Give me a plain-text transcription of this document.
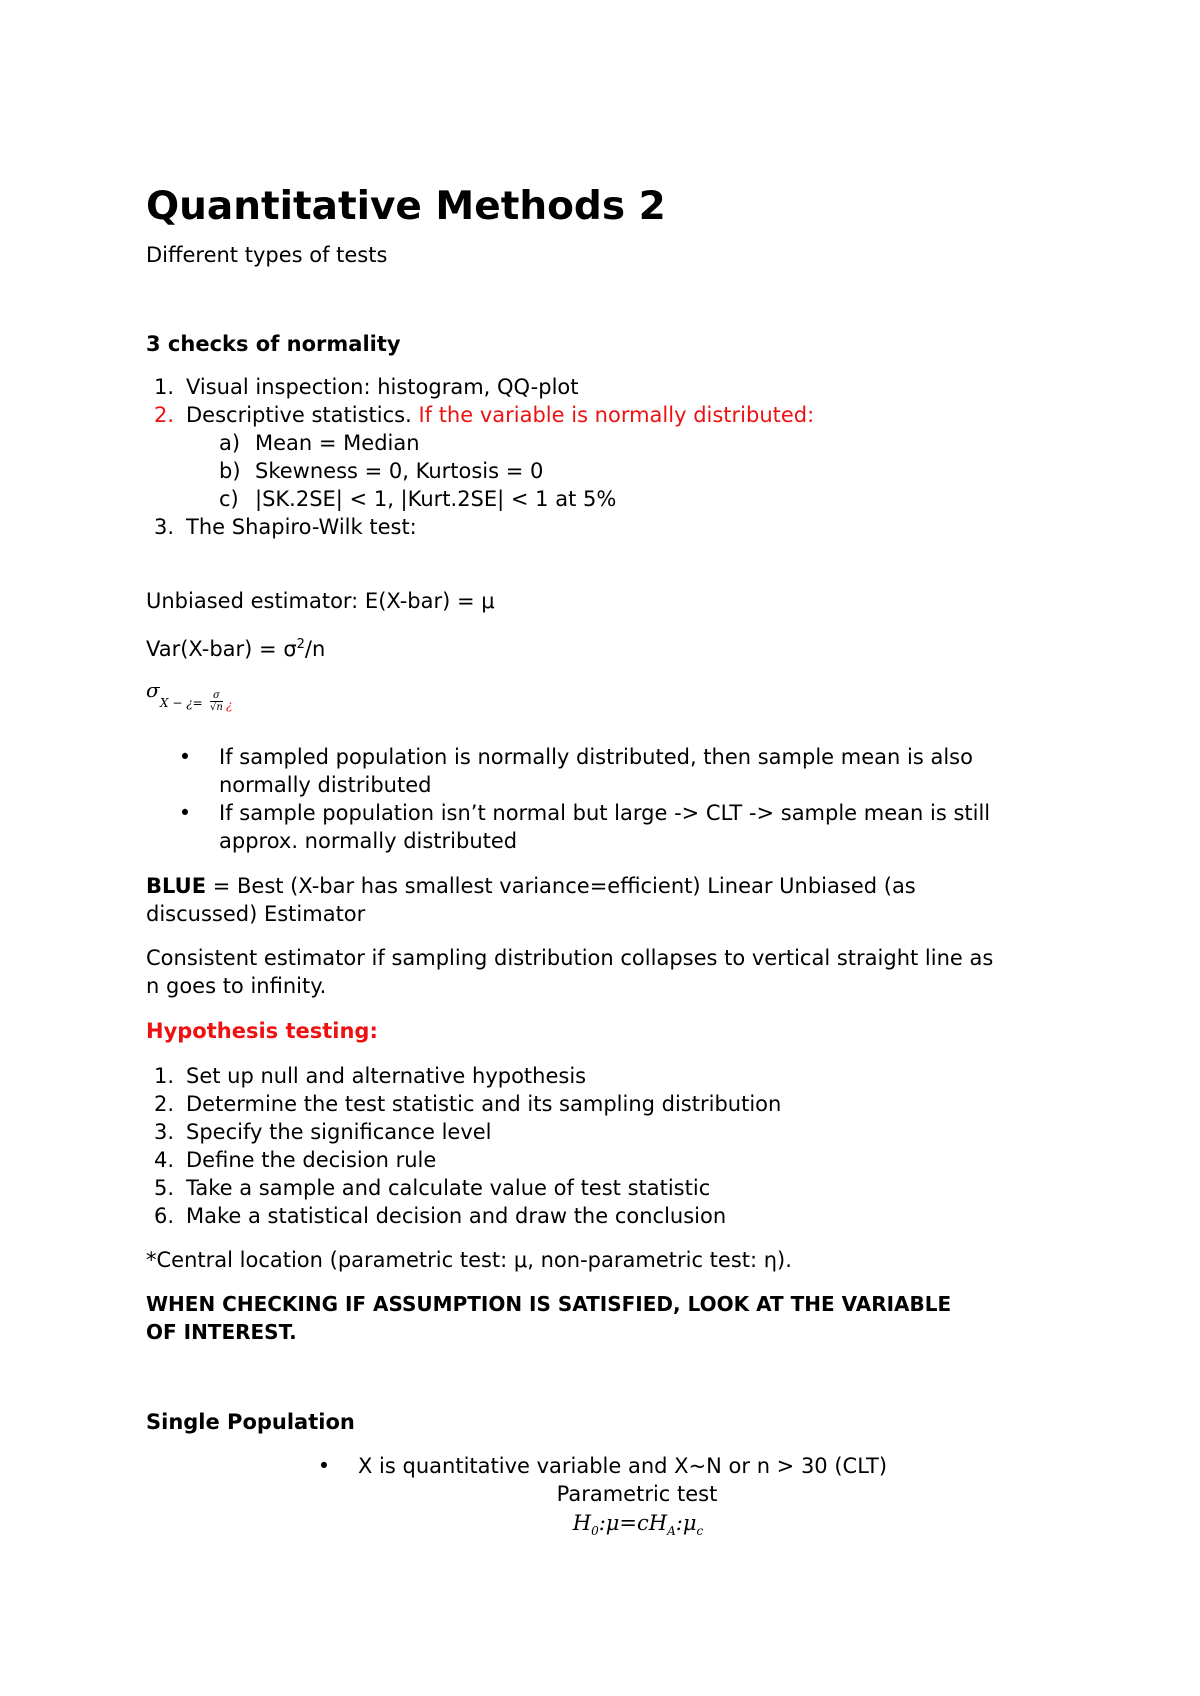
Quantitative Methods 2
Different types of tests
3 checks of normality
1. Visual inspection: histogram, QQ-plot
2. Descriptive statistics. If the variable is normally distributed:
a) Mean = Median
b) Skewness = 0, Kurtosis = 0
c) |SK.2SE| < 1, |Kurt.2SE| < 1 at 5%
3. The Shapiro-Wilk test:
Unbiased estimator: E(X-bar) = μ
$Var(X-bar) = \sigma^2/n$
σ
X − ¿=
σ
√n ¿
• If sampled population is normally distributed, then sample mean is also
normally distributed
• If sample population isn’t normal but large -> CLT -> sample mean is still
approx. normally distributed
BLUE = Best (X-bar has smallest variance=efficient) Linear Unbiased (as
discussed) Estimator
Consistent estimator if sampling distribution collapses to vertical straight line as
n goes to infinity.
Hypothesis testing:
1. Set up null and alternative hypothesis
2. Determine the test statistic and its sampling distribution
3. Specify the significance level
4. Define the decision rule
5. Take a sample and calculate value of test statistic
6. Make a statistical decision and draw the conclusion
*Central location (parametric test: μ, non-parametric test: η).
WHEN CHECKING IF ASSUMPTION IS SATISFIED, LOOK AT THE VARIABLE
OF INTEREST.
Single Population
• X is quantitative variable and X~N or n > 30 (CLT)
Parametric test
$H_0:\mu=cH_A:\mu_c$
